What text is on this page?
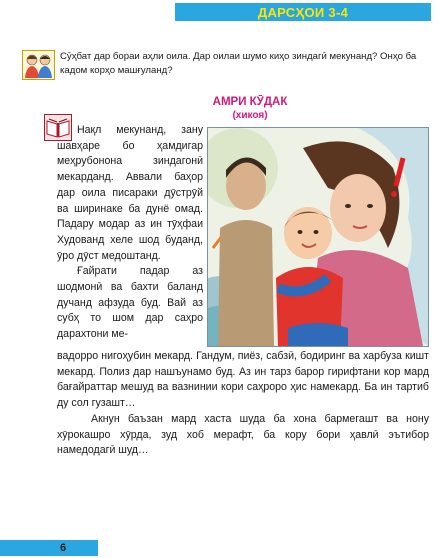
ДАРСҲОИ 3-4
Сӯҳбат дар бораи аҳли оила. Дар оилаи шумо киҳо зиндагӣ мекунанд? Онҳо ба кадом корҳо машғуланд?
АМРИ КӮДАК
(хикоя)

Нақл мекунанд, зану шавҳаре бо ҳамдигар меҳрубонона зиндагонӣ мекарданд. Аввали баҳор дар оила писараки дӯстрӯй ва ширинаке ба дунё омад. Падару модар аз ин тӯҳфаи Худованд хеле шод буданд, ӯро дӯст медоштанд.

Ғайрати падар аз шодмонӣ ва бахти баланд дучанд афзуда буд. Вай аз субҳ то шом дар саҳро дарахтони ме-

вадорро нигоҳубин мекард. Гандум, пиёз, сабзӣ, бодиринг ва харбуза кишт мекард. Полиз дар нашъунамо буд. Аз ин тарз барор гирифтани кор мард бағайраттар мешуд ва вазнинии кори саҳроро ҳис намекард. Ба ин тартиб ду сол гузашт…

Акнун баъзан мард хаста шуда ба хона бармегашт ва нону хӯрокашро хӯрда, зуд хоб мерафт, ба кору бори ҳавлӣ эътибор намедодагӣ шуд…

6
